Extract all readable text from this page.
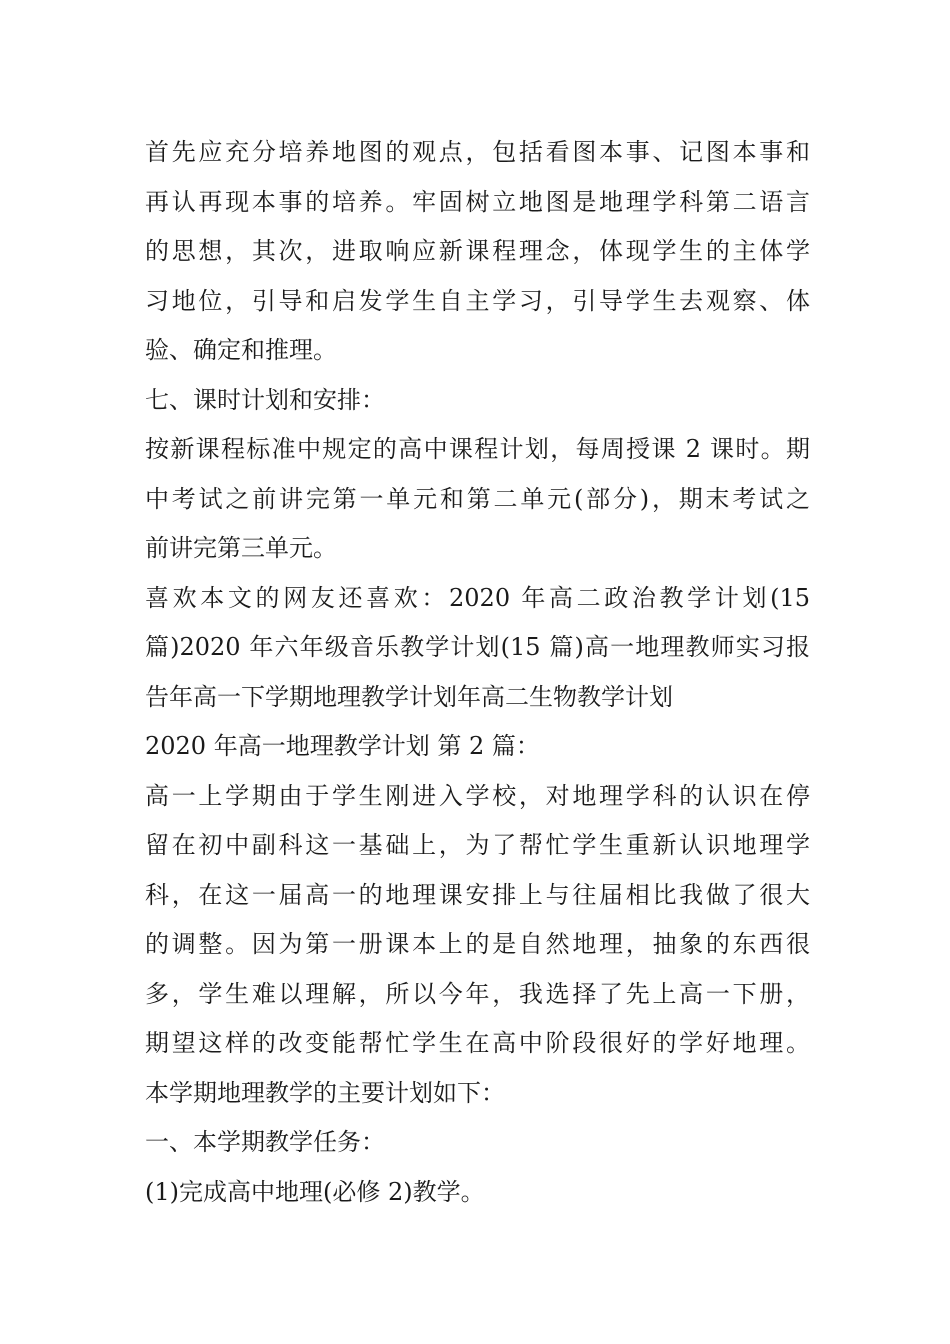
首先应充分培养地图的观点，包括看图本事、记图本事和
再认再现本事的培养。牢固树立地图是地理学科第二语言
的思想，其次，进取响应新课程理念，体现学生的主体学
习地位，引导和启发学生自主学习，引导学生去观察、体
验、确定和推理。
七、课时计划和安排：
按新课程标准中规定的高中课程计划，每周授课 2 课时。期
中考试之前讲完第一单元和第二单元(部分)，期末考试之
前讲完第三单元。
喜欢本文的网友还喜欢：2020 年高二政治教学计划(15
篇)2020 年六年级音乐教学计划(15 篇)高一地理教师实习报
告年高一下学期地理教学计划年高二生物教学计划
2020 年高一地理教学计划 第 2 篇：
高一上学期由于学生刚进入学校，对地理学科的认识在停
留在初中副科这一基础上，为了帮忙学生重新认识地理学
科，在这一届高一的地理课安排上与往届相比我做了很大
的调整。因为第一册课本上的是自然地理，抽象的东西很
多，学生难以理解，所以今年，我选择了先上高一下册，
期望这样的改变能帮忙学生在高中阶段很好的学好地理。
本学期地理教学的主要计划如下：
一、本学期教学任务：
(1)完成高中地理(必修 2)教学。
